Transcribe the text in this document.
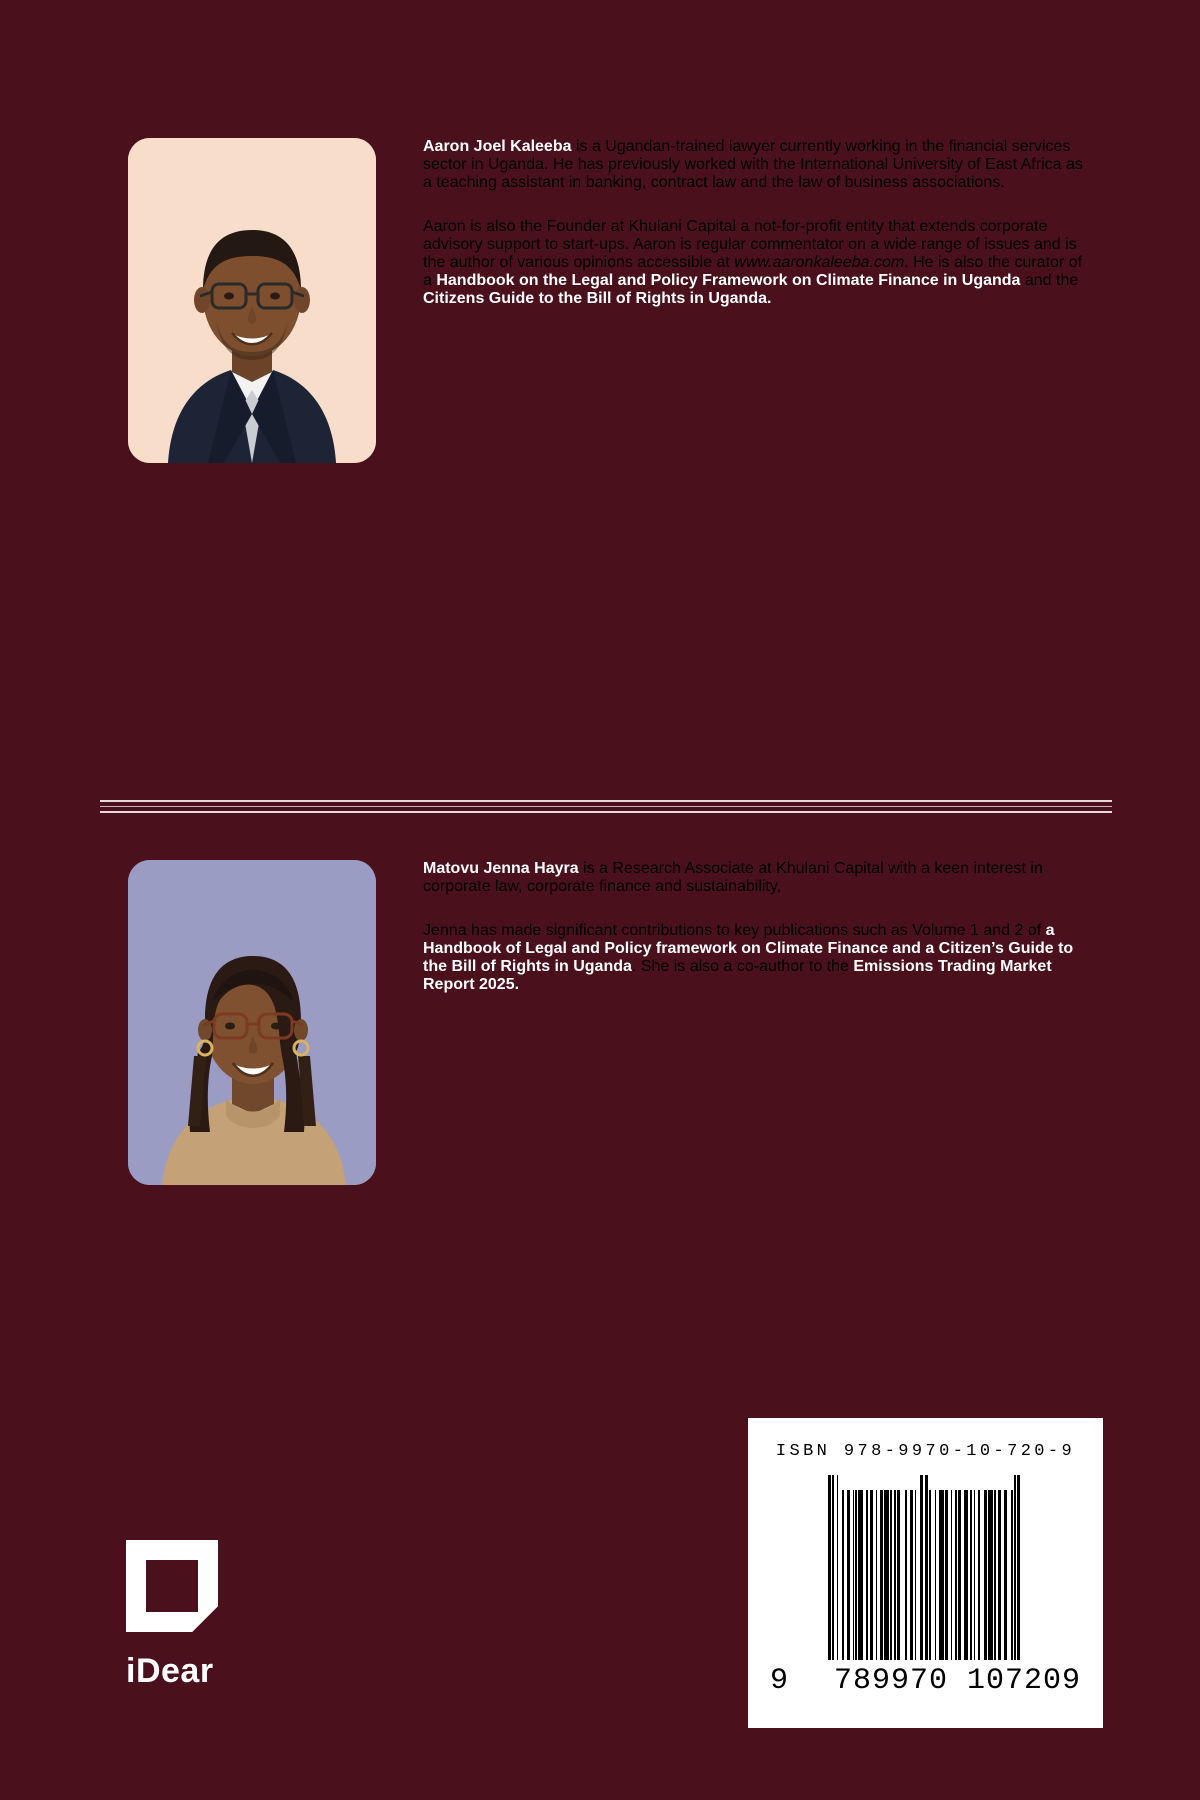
Aaron Joel Kaleeba is a Ugandan-trained lawyer currently working in the financial services sector in Uganda. He has previously worked with the International University of East Africa as a teaching assistant in banking, contract law and the law of business associations.

Aaron is also the Founder at Khulani Capital a not-for-profit entity that extends corporate advisory support to start-ups. Aaron is regular commentator on a wide range of issues and is the author of various opinions accessible at www.aaronkaleeba.com. He is also the curator of a Handbook on the Legal and Policy Framework on Climate Finance in Uganda and the Citizens Guide to the Bill of Rights in Uganda.

Matovu Jenna Hayra is a Research Associate at Khulani Capital with a keen interest in corporate law, corporate finance and sustainability,

Jenna has made significant contributions to key publications such as Volume 1 and 2 of a Handbook of Legal and Policy framework on Climate Finance and a Citizen’s Guide to the Bill of Rights in Uganda. She is also a co-author to the Emissions Trading Market Report 2025.

ISBN 978-9970-10-720-9
9 789970 107209
iDear
